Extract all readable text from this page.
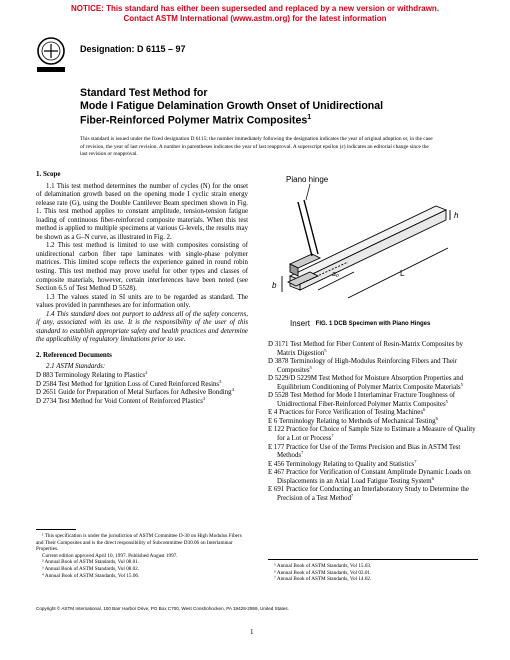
NOTICE: This standard has either been superseded and replaced by a new version or withdrawn.
Contact ASTM International (www.astm.org) for the latest information
Designation: D 6115 – 97
Standard Test Method for
Mode I Fatigue Delamination Growth Onset of Unidirectional
Fiber-Reinforced Polymer Matrix Composites$^1$
This standard is issued under the fixed designation D 6115; the number immediately following the designation indicates the year of original adoption or, in the case of revision, the year of last revision. A number in parentheses indicates the year of last reapproval. A superscript epsilon (ε) indicates an editorial change since the last revision or reapproval.
1. Scope

1.1 This test method determines the number of cycles (N) for the onset of delamination growth based on the opening mode I cyclic strain energy release rate (G), using the Double Cantilever Beam specimen shown in Fig. 1. This test method applies to constant amplitude, tension-tension fatigue loading of continuous fiber-reinforced composite materials. When this test method is applied to multiple specimens at various G-levels, the results may be shown as a G–N curve, as illustrated in Fig. 2.

1.2 This test method is limited to use with composites consisting of unidirectional carbon fiber tape laminates with single-phase polymer matrices. This limited scope reflects the experience gained in round robin testing. This test method may prove useful for other types and classes of composite materials, however, certain interferences have been noted (see Section 6.5 of Test Method D 5528).

1.3 The values stated in SI units are to be regarded as standard. The values provided in parentheses are for information only.

1.4 This standard does not purport to address all of the safety concerns, if any, associated with its use. It is the responsibility of the user of this standard to establish appropriate safety and health practices and determine the applicability of regulatory limitations prior to use.

2. Referenced Documents

2.1 ASTM Standards:

D 883 Terminology Relating to Plastics$^2$

D 2584 Test Method for Ignition Loss of Cured Reinforced Resins$^3$

D 2651 Guide for Preparation of Metal Surfaces for Adhesive Bonding$^4$

D 2734 Test Method for Void Content of Reinforced Plastics$^3$

Piano hinge
Insert
h
a₀	L
b
FIG. 1 DCB Specimen with Piano Hinges

D 3171 Test Method for Fiber Content of Resin-Matrix Composites by Matrix Digestion$^5$

D 3878 Terminology of High-Modulus Reinforcing Fibers and Their Composites$^5$

D 5229/D 5229M Test Method for Moisture Absorption Properties and Equilibrium Conditioning of Polymer Matrix Composite Materials$^5$

D 5528 Test Method for Mode I Interlaminar Fracture Toughness of Unidirectional Fiber-Reinforced Polymer Matrix Composites$^5$

E 4 Practices for Force Verification of Testing Machines$^6$

E 6 Terminology Relating to Methods of Mechanical Testing$^6$

E 122 Practice for Choice of Sample Size to Estimate a Measure of Quality for a Lot or Process$^7$

E 177 Practice for Use of the Terms Precision and Bias in ASTM Test Methods$^7$

E 456 Terminology Relating to Quality and Statistics$^7$

E 467 Practice for Verification of Constant Amplitude Dynamic Loads on Displacements in an Axial Load Fatigue Testing System$^6$

E 691 Practice for Conducting an Interlaboratory Study to Determine the Precision of a Test Method$^7$

¹ This specification is under the jurisdiction of ASTM Committee D-30 on High Modulus Fibers and Their Composites and is the direct responsibility of Subcommittee D30.06 on Interlaminar Properties.

Current edition approved April 10, 1997. Published August 1997.

² Annual Book of ASTM Standards, Vol 08.01.

³ Annual Book of ASTM Standards, Vol 08.02.

⁴ Annual Book of ASTM Standards, Vol 15.06.

⁵ Annual Book of ASTM Standards, Vol 15.03.

⁶ Annual Book of ASTM Standards, Vol 03.01.

⁷ Annual Book of ASTM Standards, Vol 14.02.

Copyright © ASTM International, 100 Barr Harbor Drive, PO Box C700, West Conshohocken, PA 19428-2959, United States.
1
